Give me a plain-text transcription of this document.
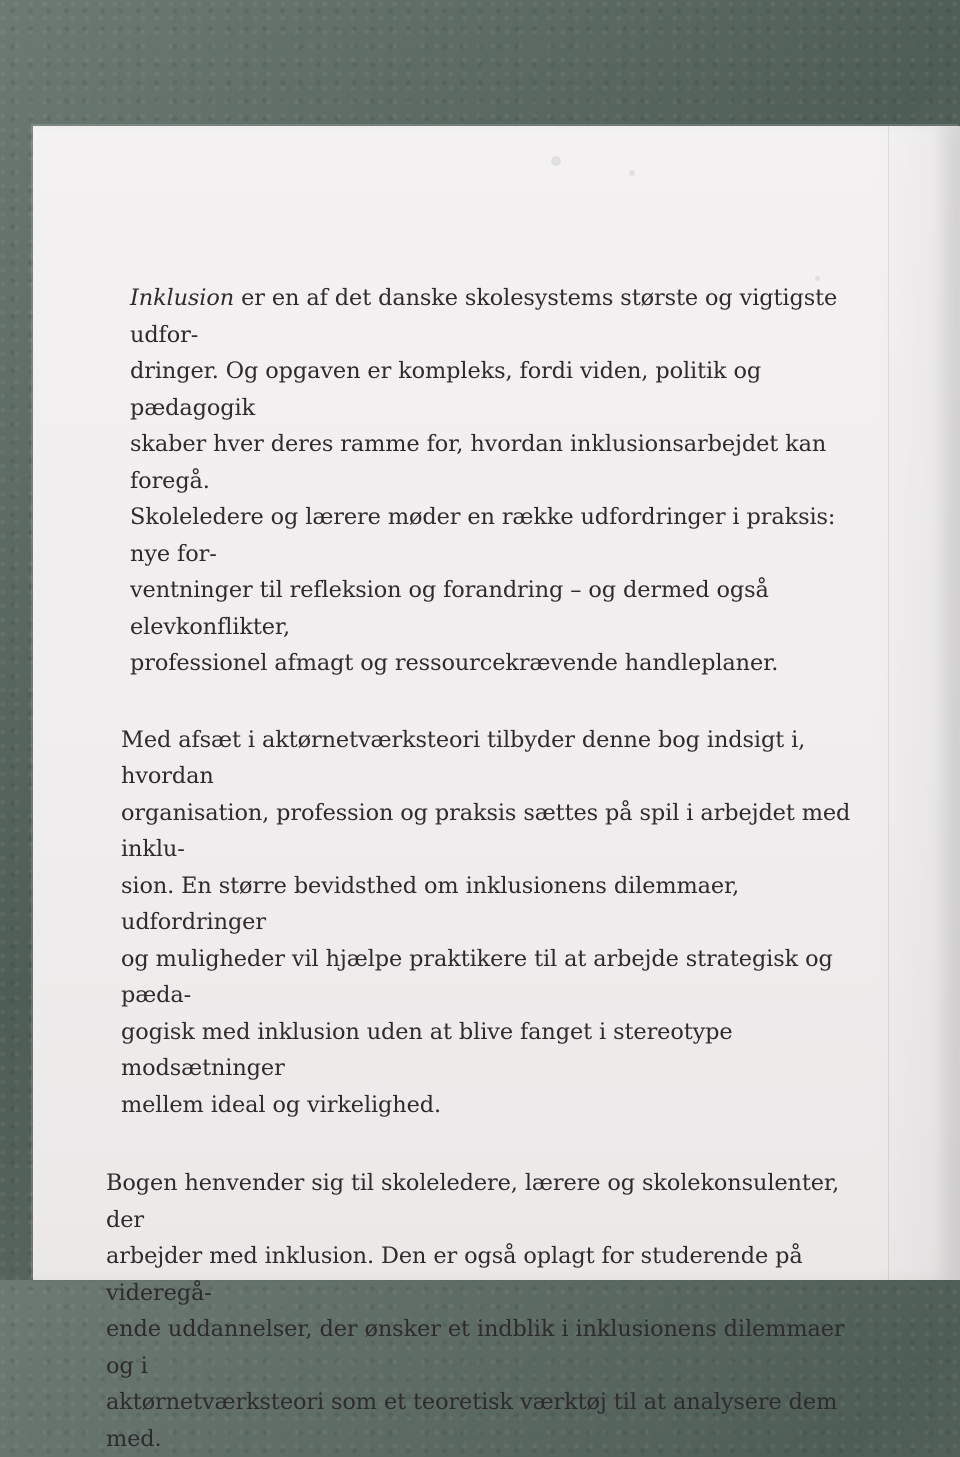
Inklusion er en af det danske skolesystems største og vigtigste udfor-
dringer. Og opgaven er kompleks, fordi viden, politik og pædagogik
skaber hver deres ramme for, hvordan inklusionsarbejdet kan foregå.
Skoleledere og lærere møder en række udfordringer i praksis: nye for-
ventninger til refleksion og forandring – og dermed også elevkonflikter,
professionel afmagt og ressourcekrævende handleplaner.

Med afsæt i aktørnetværksteori tilbyder denne bog indsigt i, hvordan
organisation, profession og praksis sættes på spil i arbejdet med inklu-
sion. En større bevidsthed om inklusionens dilemmaer, udfordringer
og muligheder vil hjælpe praktikere til at arbejde strategisk og pæda-
gogisk med inklusion uden at blive fanget i stereotype modsætninger
mellem ideal og virkelighed.

Bogen henvender sig til skoleledere, lærere og skolekonsulenter, der
arbejder med inklusion. Den er også oplagt for studerende på videregå-
ende uddannelser, der ønsker et indblik i inklusionens dilemmaer og i
aktørnetværksteori som et teoretisk værktøj til at analysere dem med.
